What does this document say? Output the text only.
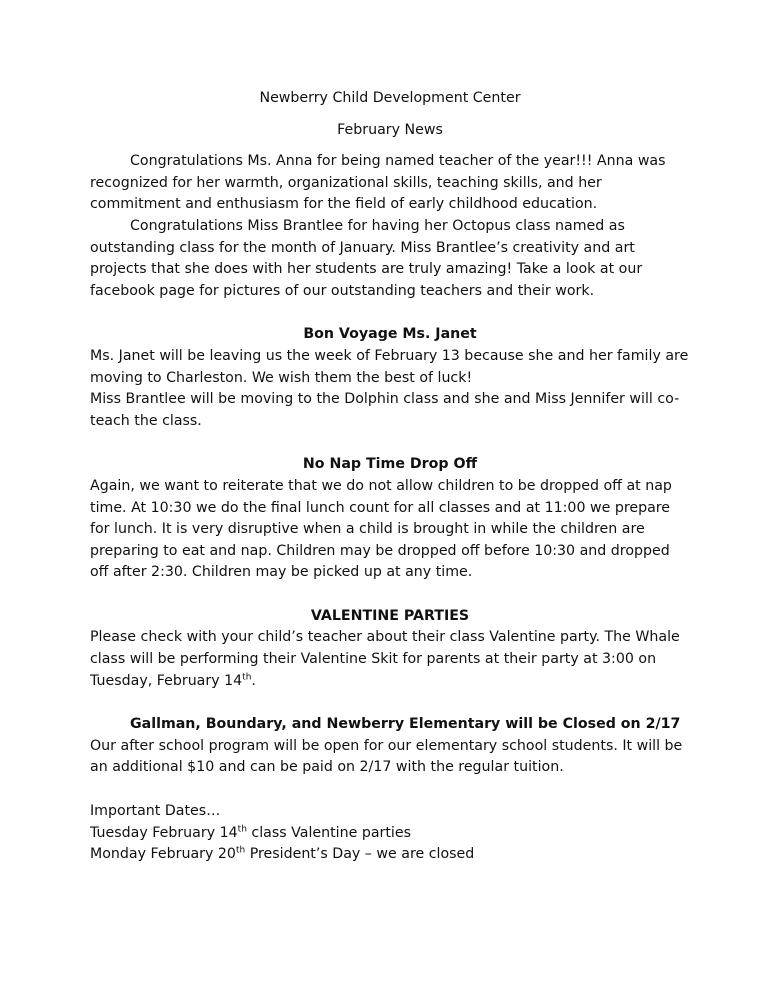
Newberry Child Development Center

February News

Congratulations Ms. Anna for being named teacher of the year!!! Anna was recognized for her warmth, organizational skills, teaching skills, and her commitment and enthusiasm for the field of early childhood education.

Congratulations Miss Brantlee for having her Octopus class named as outstanding class for the month of January. Miss Brantlee’s creativity and art projects that she does with her students are truly amazing! Take a look at our facebook page for pictures of our outstanding teachers and their work.

Bon Voyage Ms. Janet

Ms. Janet will be leaving us the week of February 13 because she and her family are moving to Charleston. We wish them the best of luck!

Miss Brantlee will be moving to the Dolphin class and she and Miss Jennifer will co-teach the class.

No Nap Time Drop Off

Again, we want to reiterate that we do not allow children to be dropped off at nap time. At 10:30 we do the final lunch count for all classes and at 11:00 we prepare for lunch. It is very disruptive when a child is brought in while the children are preparing to eat and nap. Children may be dropped off before 10:30 and dropped off after 2:30. Children may be picked up at any time.

VALENTINE PARTIES

Please check with your child’s teacher about their class Valentine party. The Whale class will be performing their Valentine Skit for parents at their party at 3:00 on Tuesday, February 14th.

Gallman, Boundary, and Newberry Elementary will be Closed on 2/17

Our after school program will be open for our elementary school students. It will be an additional $10 and can be paid on 2/17 with the regular tuition.

Important Dates…

Tuesday February 14th class Valentine parties

Monday February 20th President’s Day – we are closed
